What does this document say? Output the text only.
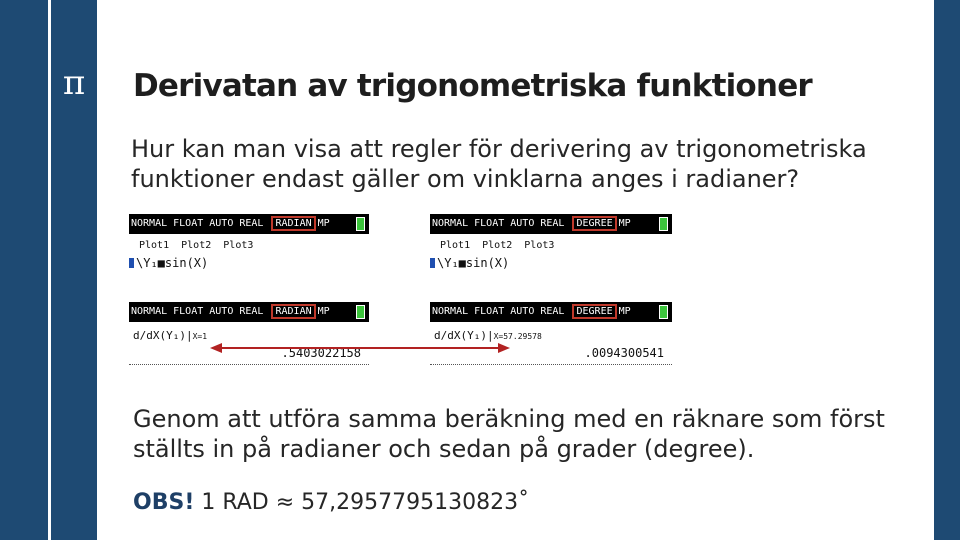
π	Derivatan av trigonometriska funktioner
NORMAL FLOAT AUTO REAL RADIAN MP
Plot1  Plot2  Plot3
\Y₁■sin(X)
NORMAL FLOAT AUTO REAL DEGREE MP
Plot1  Plot2  Plot3
\Y₁■sin(X)
Hur kan man visa att regler för derivering av trigonometriska funktioner endast gäller om vinklarna anges i radianer?
NORMAL FLOAT AUTO REAL RADIAN MP
d/dX(Y₁)|X=1
.5403022158
NORMAL FLOAT AUTO REAL DEGREE MP
d/dX(Y₁)|X=57.29578
.0094300541
Genom att utföra samma beräkning med en räknare som först ställts in på radianer och sedan på grader (degree).
OBS! 1 RAD ≈ 57,2957795130823˚
